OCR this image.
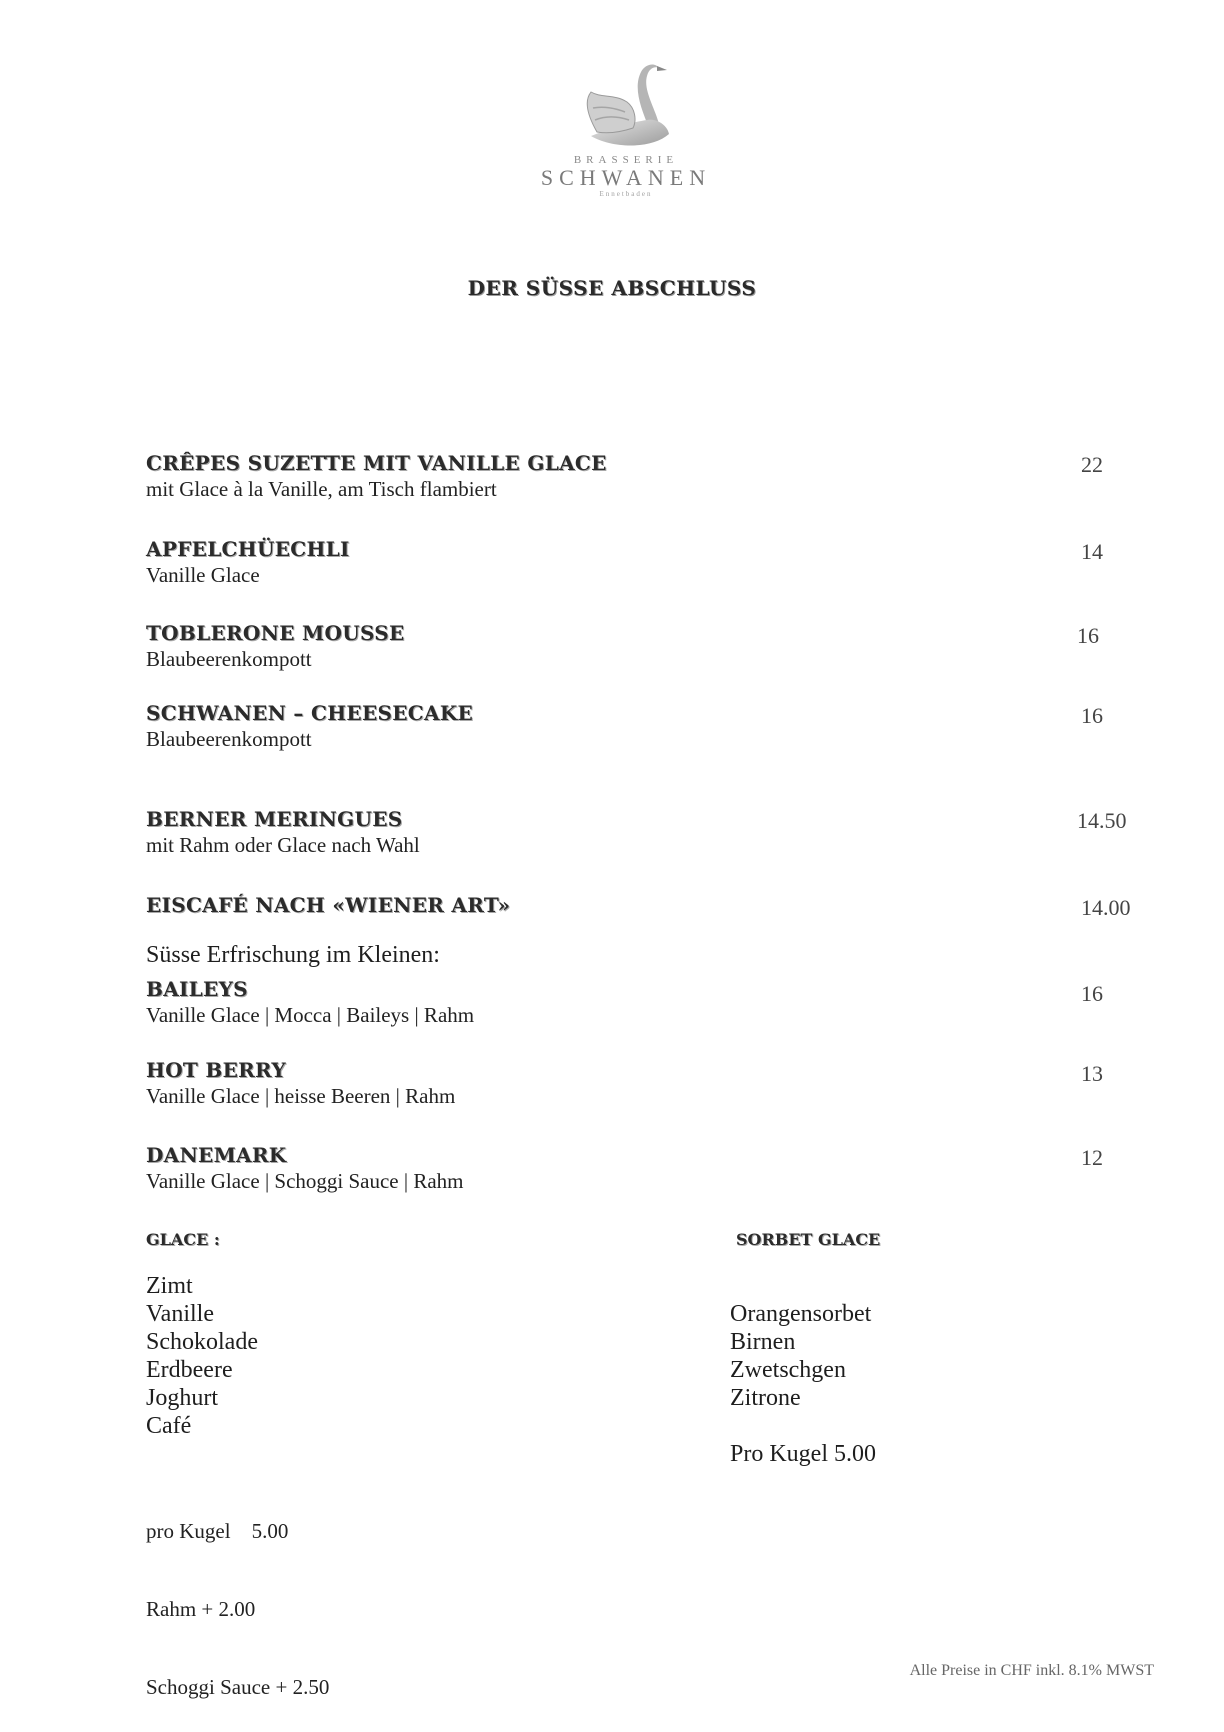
BRASSERIE
SCHWANEN
Ennetbaden
DER SÜSSE ABSCHLUSS
CRÊPES SUZETTE MIT VANILLE GLACE
mit Glace à la Vanille, am Tisch flambiert
22
APFELCHÜECHLI
Vanille Glace
14
TOBLERONE MOUSSE
Blaubeerenkompott
16
SCHWANEN – CHEESECAKE
Blaubeerenkompott
16
BERNER MERINGUES
mit Rahm oder Glace nach Wahl
14.50
EISCAFÉ NACH «WIENER ART»	14.00
Süsse Erfrischung im Kleinen:
BAILEYS
Vanille Glace | Mocca | Baileys | Rahm
16
HOT BERRY
Vanille Glace | heisse Beeren | Rahm
13
DANEMARK
Vanille Glace | Schoggi Sauce | Rahm
12
GLACE :
Zimt
Vanille
Schokolade
Erdbeere
Joghurt
Café

pro Kugel    5.00

Rahm + 2.00

Schoggi Sauce + 2.50

SORBET GLACE
Orangensorbet
Birnen
Zwetschgen
Zitrone
Pro Kugel 5.00
Alle Preise in CHF inkl. 8.1% MWST
